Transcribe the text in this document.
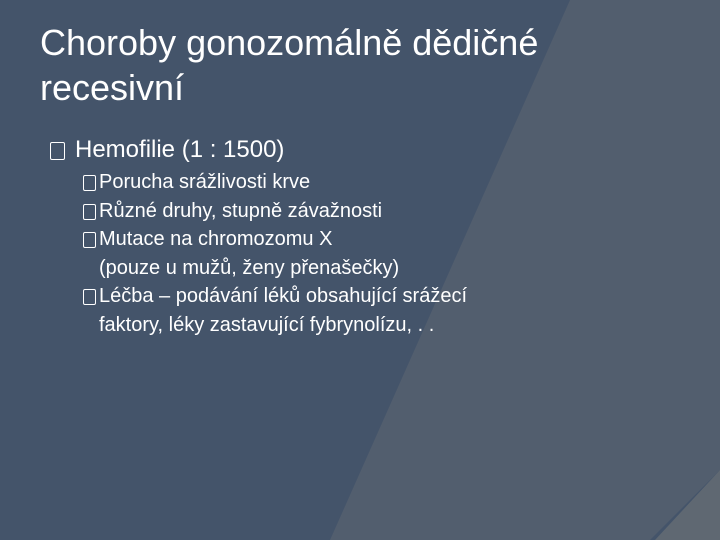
Choroby gonozomálně dědičné recesivní
Hemofilie (1 : 1500)
Porucha srážlivosti krve
Různé druhy, stupně závažnosti
Mutace na chromozomu X
(pouze u mužů, ženy přenašečky)
Léčba – podávání léků obsahující srážecí
faktory, léky zastavující fybrynolízu, . .
